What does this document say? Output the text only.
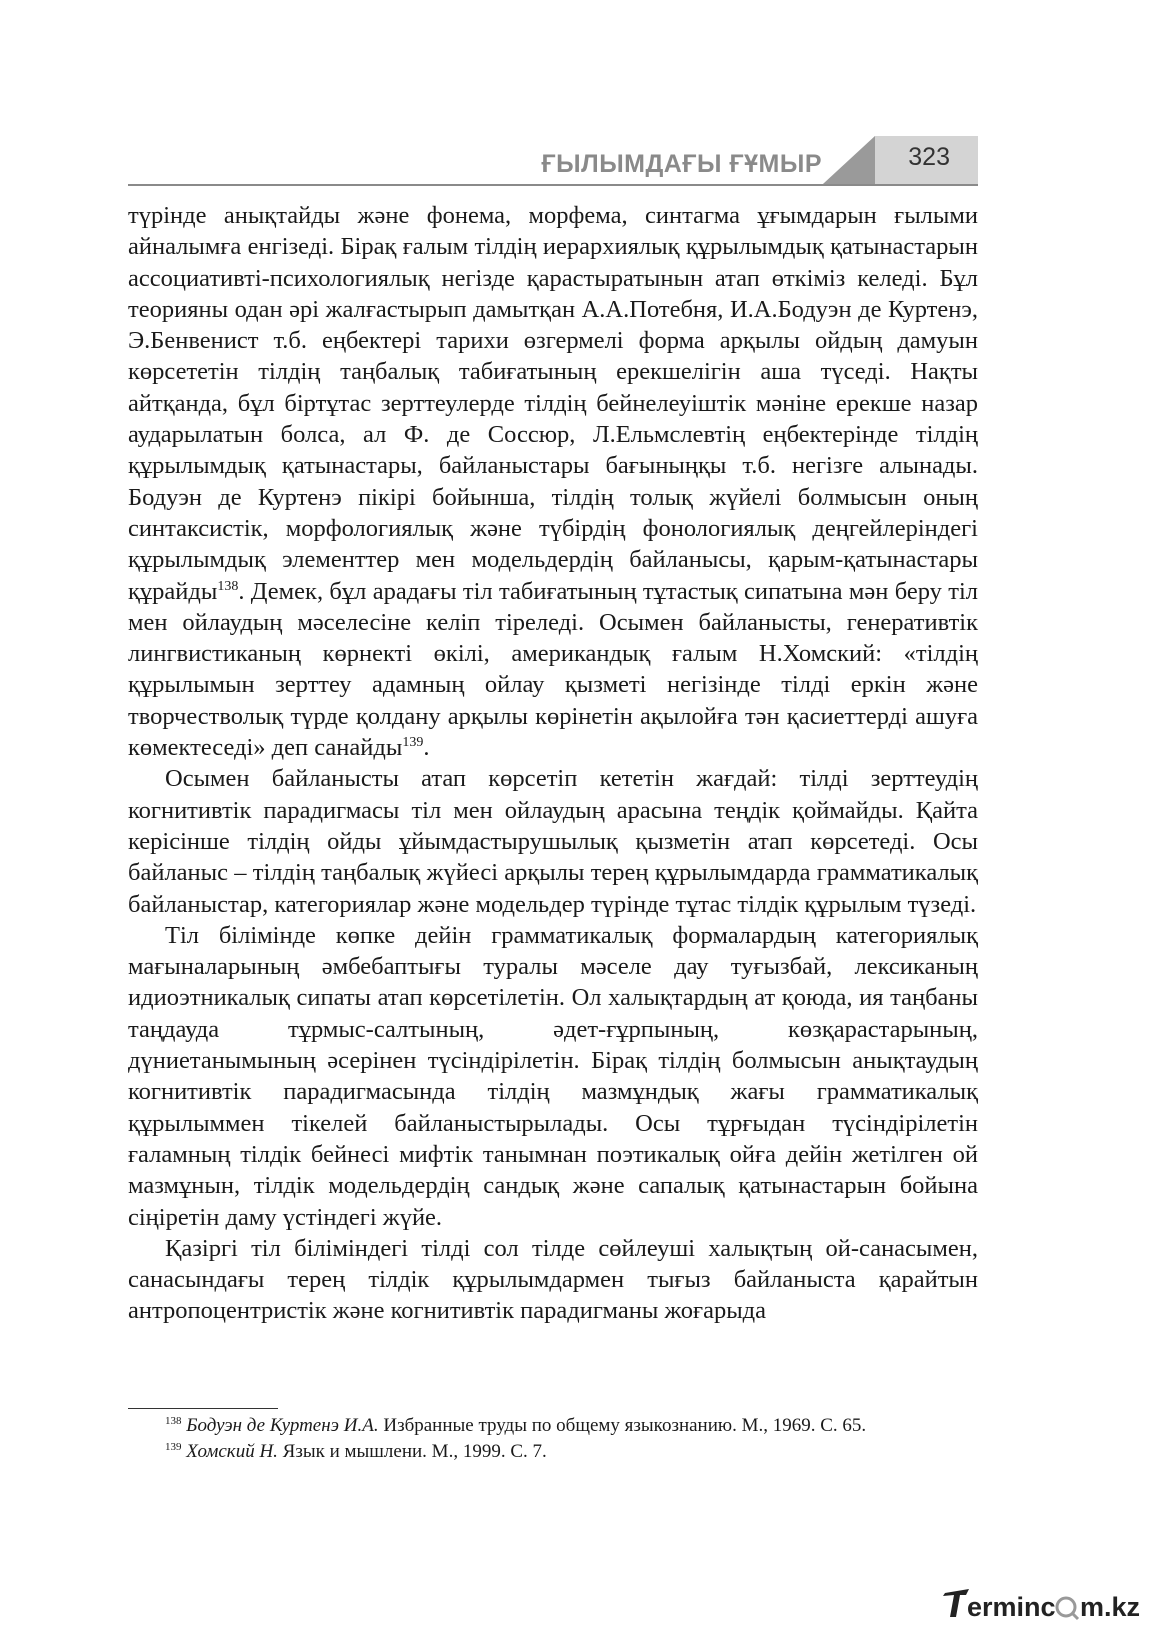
ҒЫЛЫМДАҒЫ ҒҰМЫР	323

түрінде анықтайды және фонема, морфема, синтагма ұғымдарын ғылыми айналымға енгізеді. Бірақ ғалым тілдің иерархиялық құрылымдық қатынастарын ассоциативті-психологиялық негізде қарастыратынын атап өткіміз келеді. Бұл теорияны одан әрі жалғастырып дамытқан А.А.Потебня, И.А.Бодуэн де Куртенэ, Э.Бенвенист т.б. еңбектері тарихи өзгермелі форма арқылы ойдың дамуын көрсететін тілдің таңбалық табиғатының ерекшелігін аша түседі. Нақты айтқанда, бұл біртұтас зерттеулерде тілдің бейнелеуіштік мәніне ерекше назар аударылатын болса, ал Ф. де Соссюр, Л.Ельмслевтің еңбектерінде тілдің құрылымдық қатынастары, байланыстары бағыныңқы т.б. негізге алынады. Бодуэн де Куртенэ пікірі бойынша, тілдің толық жүйелі болмысын оның синтаксистік, морфологиялық және түбірдің фонологиялық деңгейлеріндегі құрылымдық элементтер мен модельдердің байланысы, қарым-қатынастары құрайды$^{138}$. Демек, бұл арадағы тіл табиғатының тұтастық сипатына мән беру тіл мен ойлаудың мәселесіне келіп тіреледі. Осымен байланысты, генеративтік лингвистиканың көрнекті өкілі, американдық ғалым Н.Хомский: «тілдің құрылымын зерттеу адамның ойлау қызметі негізінде тілді еркін және творчестволық түрде қолдану арқылы көрінетін ақылойға тән қасиеттерді ашуға көмектеседі» деп санайды$^{139}$.

Осымен байланысты атап көрсетіп кететін жағдай: тілді зерттеудің когнитивтік парадигмасы тіл мен ойлаудың арасына теңдік қоймайды. Қайта керісінше тілдің ойды ұйымдастырушылық қызметін атап көрсетеді. Осы байланыс – тілдің таңбалық жүйесі арқылы терең құрылымдарда грамматикалық байланыстар, категориялар және модельдер түрінде тұтас тілдік құрылым түзеді.

Тіл білімінде көпке дейін грамматикалық формалардың категориялық мағыналарының әмбебаптығы туралы мәселе дау туғызбай, лексиканың идиоэтникалық сипаты атап көрсетілетін. Ол халықтардың ат қоюда, ия таңбаны таңдауда тұрмыс-салтының, әдет-ғұрпының, көзқарастарының, дүниетанымының әсерінен түсіндірілетін. Бірақ тілдің болмысын анықтаудың когнитивтік парадигмасында тілдің мазмұндық жағы грамматикалық құрылыммен тікелей байланыстырылады. Осы тұрғыдан түсіндірілетін ғаламның тілдік бейнесі мифтік танымнан поэтикалық ойға дейін жетілген ой мазмұнын, тілдік модельдердің сандық және сапалық қатынастарын бойына сіңіретін даму үстіндегі жүйе.

Қазіргі тіл біліміндегі тілді сол тілде сөйлеуші халықтың ой-санасымен, санасындағы терең тілдік құрылымдармен тығыз байланыста қарайтын антропоцентристік және когнитивтік парадигманы жоғарыда

$^{138}$ Бодуэн де Куртенэ И.А. Избранные труды по общему языкознанию. М., 1969. С. 65.

$^{139}$ Хомский Н. Язык и мышлени. М., 1999. С. 7.

erminc m.kz
